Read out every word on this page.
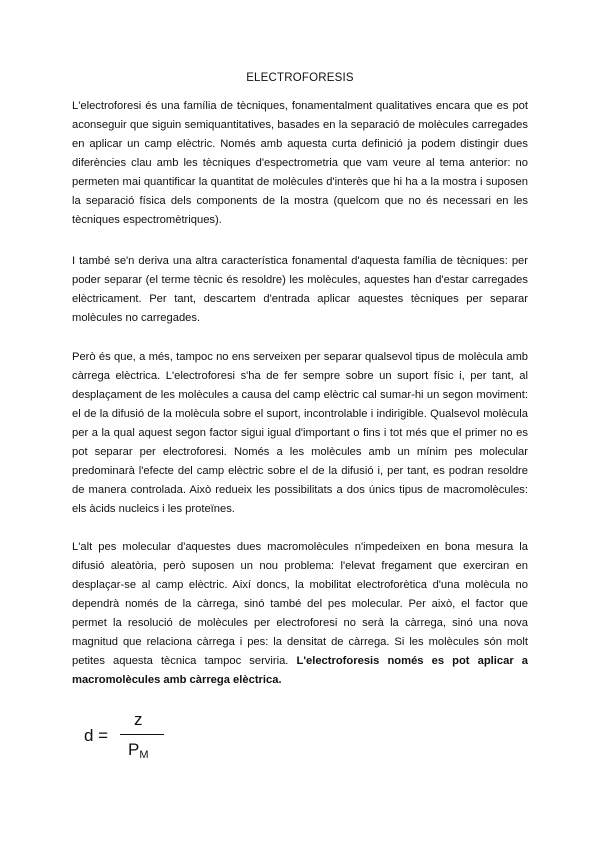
ELECTROFORESIS

L'electroforesi és una família de tècniques, fonamentalment qualitatives encara que es pot aconseguir que siguin semiquantitatives, basades en la separació de molècules carregades en aplicar un camp elèctric. Només amb aquesta curta definició ja podem distingir dues diferències clau amb les tècniques d'espectrometria que vam veure al tema anterior: no permeten mai quantificar la quantitat de molècules d'interès que hi ha a la mostra i suposen la separació física dels components de la mostra (quelcom que no és necessari en les tècniques espectromètriques).

I també se'n deriva una altra característica fonamental d'aquesta família de tècniques: per poder separar (el terme tècnic és resoldre) les molècules, aquestes han d'estar carregades elèctricament. Per tant, descartem d'entrada aplicar aquestes tècniques per separar molècules no carregades.

Però és que, a més, tampoc no ens serveixen per separar qualsevol tipus de molècula amb càrrega elèctrica. L'electroforesi s'ha de fer sempre sobre un suport físic i, per tant, al desplaçament de les molècules a causa del camp elèctric cal sumar-hi un segon moviment: el de la difusió de la molècula sobre el suport, incontrolable i indirigible. Qualsevol molècula per a la qual aquest segon factor sigui igual d'important o fins i tot més que el primer no es pot separar per electroforesi. Només a les molècules amb un mínim pes molecular predominarà l'efecte del camp elèctric sobre el de la difusió i, per tant, es podran resoldre de manera controlada. Això redueix les possibilitats a dos únics tipus de macromolècules: els àcids nucleics i les proteïnes.

L'alt pes molecular d'aquestes dues macromolècules n'impedeixen en bona mesura la difusió aleatòria, però suposen un nou problema: l'elevat fregament que exerciran en desplaçar-se al camp elèctric. Així doncs, la mobilitat electroforètica d'una molècula no dependrà només de la càrrega, sinó també del pes molecular. Per això, el factor que permet la resolució de molècules per electroforesi no serà la càrrega, sinó una nova magnitud que relaciona càrrega i pes: la densitat de càrrega. Si les molècules són molt petites aquesta tècnica tampoc serviria. L'electroforesis només es pot aplicar a macromolècules amb càrrega elèctrica.

d =
z
$P_M$
